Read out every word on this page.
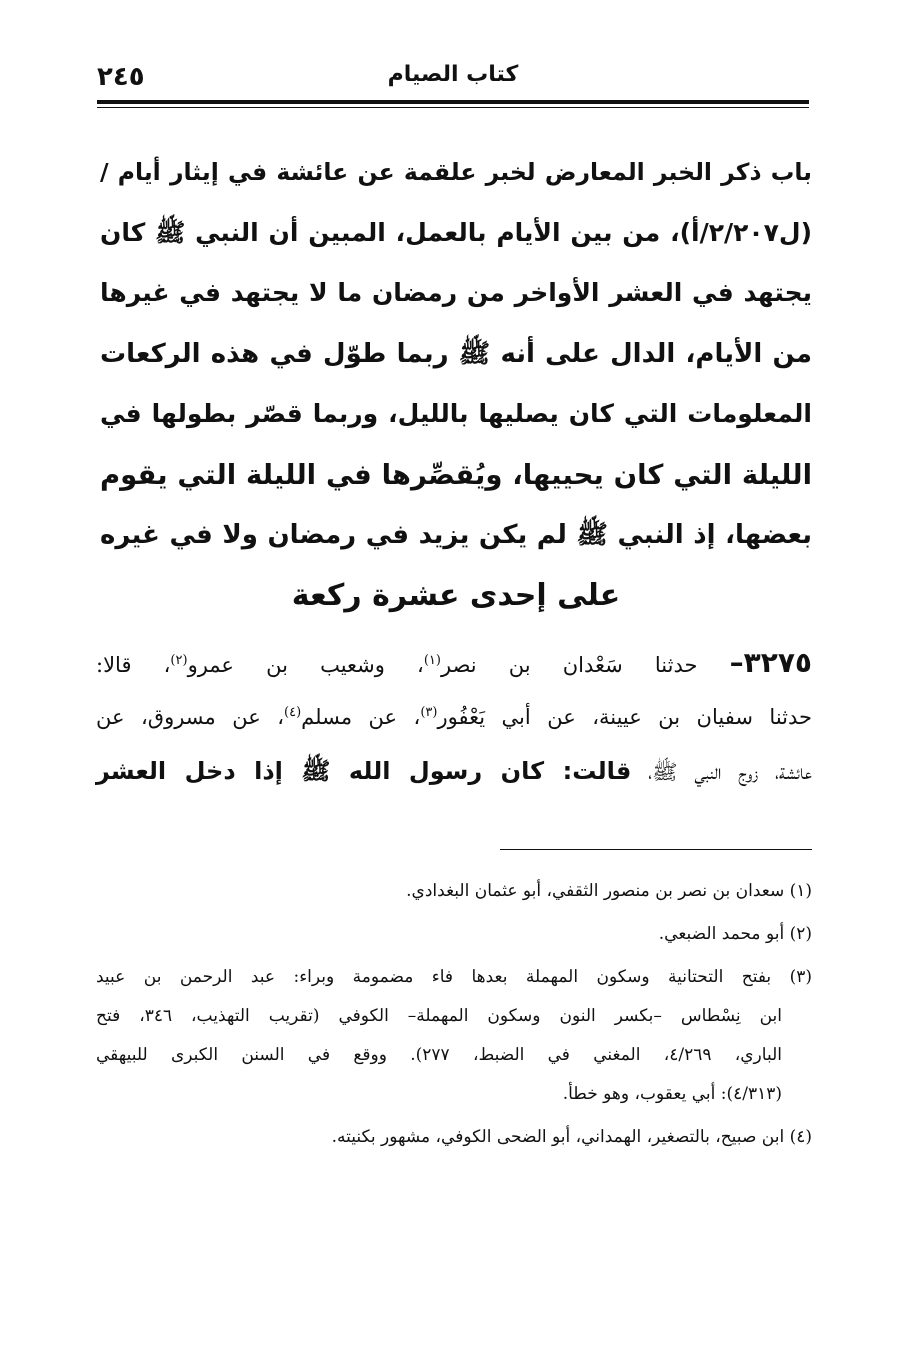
٢٤٥	كتاب الصيام
باب ذكر الخبر المعارض لخبر علقمة عن عائشة في إيثار أيام /
(ل٢/٢٠٧/أ)، من بين الأيام بالعمل، المبين أن النبي ﷺ كان
يجتهد في العشر الأواخر من رمضان ما لا يجتهد في غيرها
من الأيام، الدال على أنه ﷺ ربما طوّل في هذه الركعات
المعلومات التي كان يصليها بالليل، وربما قصّر بطولها في
الليلة التي كان يحييها، ويُقصِّرها في الليلة التي يقوم
بعضها، إذ النبي ﷺ لم يكن يزيد في رمضان ولا في غيره
على إحدى عشرة ركعة
٣٢٧٥– حدثنا سَعْدان بن نصر$^{(١)}$، وشعيب بن عمرو$^{(٢)}$، قالا:
حدثنا سفيان بن عيينة، عن أبي يَعْفُور$^{(٣)}$، عن مسلم$^{(٤)}$، عن مسروق، عن
عائشة، زوج النبي ﷺ، قالت: كان رسول الله ﷺ إذا دخل العشر
(١) سعدان بن نصر بن منصور الثقفي، أبو عثمان البغدادي.
(٢) أبو محمد الضبعي.
(٣) بفتح التحتانية وسكون المهملة بعدها فاء مضمومة وبراء: عبد الرحمن بن عبيد
ابن نِسْطاس –بكسر النون وسكون المهملة– الكوفي (تقريب التهذيب، ٣٤٦، فتح
الباري، ٤/٢٦٩، المغني في الضبط، ٢٧٧). ووقع في السنن الكبرى للبيهقي
(٤/٣١٣): أبي يعقوب، وهو خطأ.
(٤) ابن صبيح، بالتصغير، الهمداني، أبو الضحى الكوفي، مشهور بكنيته.
